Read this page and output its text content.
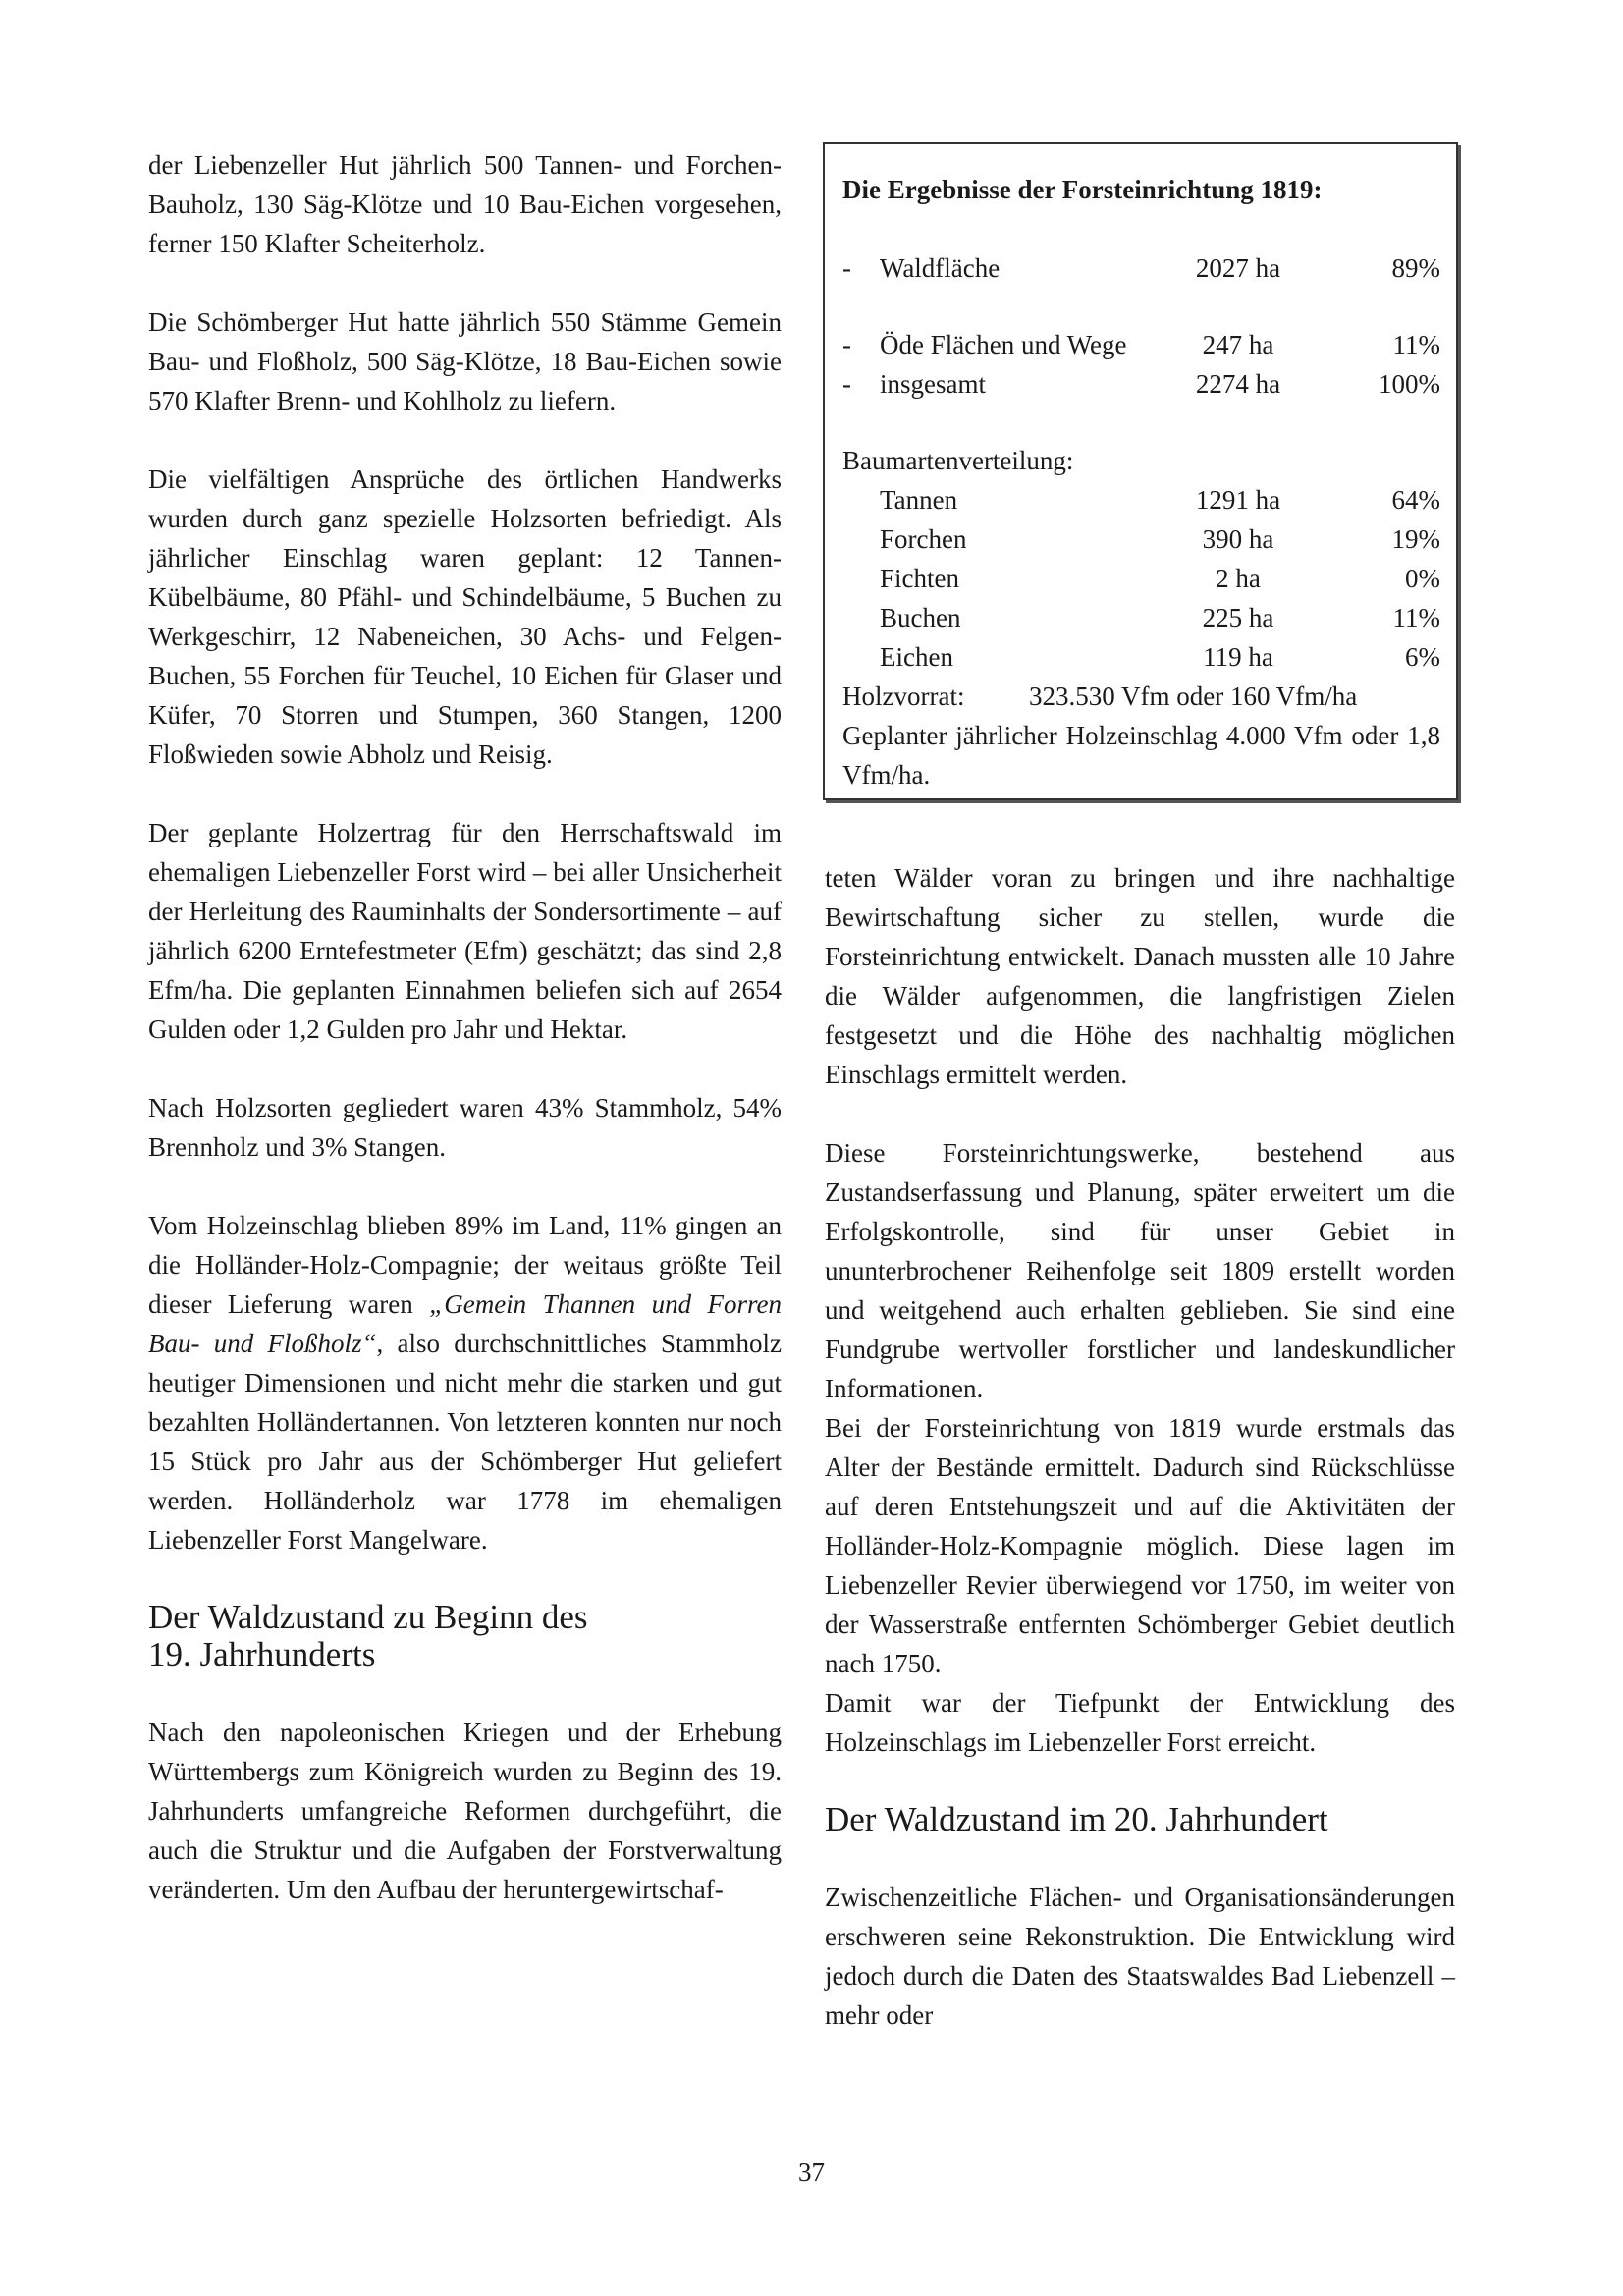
der Liebenzeller Hut jährlich 500 Tannen- und Forchen-Bauholz, 130 Säg-Klötze und 10 Bau-Eichen vorgesehen, ferner 150 Klafter Scheiterholz.

Die Schömberger Hut hatte jährlich 550 Stämme Gemein Bau- und Floßholz, 500 Säg-Klötze, 18 Bau-Eichen sowie 570 Klafter Brenn- und Kohlholz zu liefern.

Die vielfältigen Ansprüche des örtlichen Handwerks wurden durch ganz spezielle Holzsorten befriedigt. Als jährlicher Einschlag waren geplant: 12 Tannen-Kübelbäume, 80 Pfähl- und Schindelbäume, 5 Buchen zu Werkgeschirr, 12 Nabeneichen, 30 Achs- und Felgen-Buchen, 55 Forchen für Teuchel, 10 Eichen für Glaser und Küfer, 70 Storren und Stumpen, 360 Stangen, 1200 Floßwieden sowie Abholz und Reisig.

Der geplante Holzertrag für den Herrschaftswald im ehemaligen Liebenzeller Forst wird – bei aller Unsicherheit der Herleitung des Rauminhalts der Sondersortimente – auf jährlich 6200 Erntefestmeter (Efm) geschätzt; das sind 2,8 Efm/ha. Die geplanten Einnahmen beliefen sich auf 2654 Gulden oder 1,2 Gulden pro Jahr und Hektar.

Nach Holzsorten gegliedert waren 43% Stammholz, 54% Brennholz und 3% Stangen.

Vom Holzeinschlag blieben 89% im Land, 11% gingen an die Holländer-Holz-Compagnie; der weitaus größte Teil dieser Lieferung waren „Gemein Thannen und Forren Bau- und Floßholz“, also durchschnittliches Stammholz heutiger Dimensionen und nicht mehr die starken und gut bezahlten Holländertannen. Von letzteren konnten nur noch 15 Stück pro Jahr aus der Schömberger Hut geliefert werden. Holländerholz war 1778 im ehemaligen Liebenzeller Forst Mangelware.

Der Waldzustand zu Beginn des
19. Jahrhunderts

Nach den napoleonischen Kriegen und der Erhebung Württembergs zum Königreich wurden zu Beginn des 19. Jahrhunderts umfangreiche Reformen durchgeführt, die auch die Struktur und die Aufgaben der Forstverwaltung veränderten. Um den Aufbau der heruntergewirtschaf-

Die Ergebnisse der Forsteinrichtung 1819:
-	Waldfläche	2027 ha	89%
-	Öde Flächen und Wege	247 ha	11%
-	insgesamt	2274 ha	100%
Baumartenverteilung:
Tannen	1291 ha	64%
Forchen	390 ha	19%
Fichten	2 ha	0%
Buchen	225 ha	11%
Eichen	119 ha	6%
Holzvorrat:	323.530 Vfm oder 160 Vfm/ha
Geplanter jährlicher Holzeinschlag 4.000 Vfm oder 1,8 Vfm/ha.

teten Wälder voran zu bringen und ihre nachhaltige Bewirtschaftung sicher zu stellen, wurde die Forsteinrichtung entwickelt. Danach mussten alle 10 Jahre die Wälder aufgenommen, die langfristigen Zielen festgesetzt und die Höhe des nachhaltig möglichen Einschlags ermittelt werden.

Diese Forsteinrichtungswerke, bestehend aus Zustandserfassung und Planung, später erweitert um die Erfolgskontrolle, sind für unser Gebiet in ununterbrochener Reihenfolge seit 1809 erstellt worden und weitgehend auch erhalten geblieben. Sie sind eine Fundgrube wertvoller forstlicher und landeskundlicher Informationen.

Bei der Forsteinrichtung von 1819 wurde erstmals das Alter der Bestände ermittelt. Dadurch sind Rückschlüsse auf deren Entstehungszeit und auf die Aktivitäten der Holländer-Holz-Kompagnie möglich. Diese lagen im Liebenzeller Revier überwiegend vor 1750, im weiter von der Wasserstraße entfernten Schömberger Gebiet deutlich nach 1750.

Damit war der Tiefpunkt der Entwicklung des Holzeinschlags im Liebenzeller Forst erreicht.

Der Waldzustand im 20. Jahrhundert

Zwischenzeitliche Flächen- und Organisationsänderungen erschweren seine Rekonstruktion. Die Entwicklung wird jedoch durch die Daten des Staatswaldes Bad Liebenzell – mehr oder

37
